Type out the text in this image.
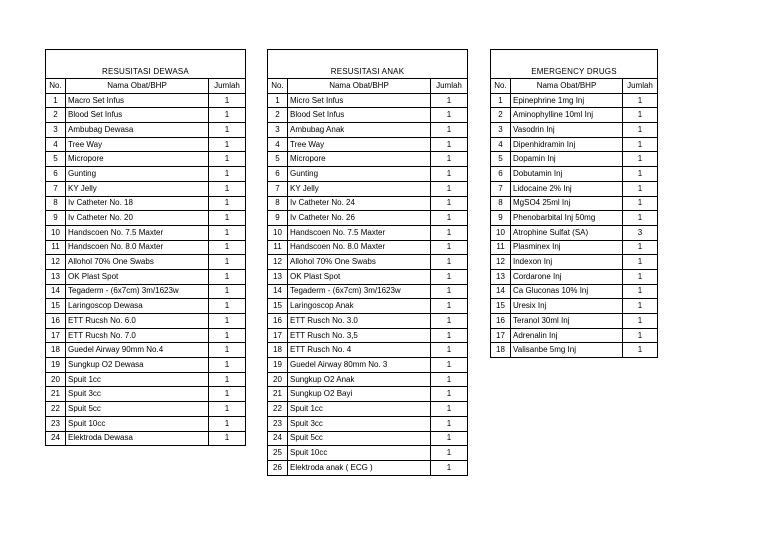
RESUSITASI DEWASA		
No.	Nama Obat/BHP	Jumlah
1	Macro Set Infus	1
2	Blood Set Infus	1
3	Ambubag Dewasa	1
4	Tree Way	1
5	Micropore	1
6	Gunting	1
7	KY Jelly	1
8	Iv Catheter No. 18	1
9	Iv Catheter No. 20	1
10	Handscoen No. 7.5 Maxter	1
11	Handscoen No. 8.0 Maxter	1
12	Allohol 70% One Swabs	1
13	OK Plast Spot	1
14	Tegaderm - (6x7cm) 3m/1623w	1
15	Laringoscop Dewasa	1
16	ETT Rucsh No. 6.0	1
17	ETT Rucsh No. 7.0	1
18	Guedel Airway 90mm No.4	1
19	Sungkup O2 Dewasa	1
20	Spuit 1cc	1
21	Spuit 3cc	1
22	Spuit 5cc	1
23	Spuit 10cc	1
24	Elektroda Dewasa	1
RESUSITASI ANAK		
No.	Nama Obat/BHP	Jumlah
1	Micro Set Infus	1
2	Blood Set Infus	1
3	Ambubag Anak	1
4	Tree Way	1
5	Micropore	1
6	Gunting	1
7	KY Jelly	1
8	Iv Catheter No. 24	1
9	Iv Catheter No. 26	1
10	Handscoen No. 7.5 Maxter	1
11	Handscoen No. 8.0 Maxter	1
12	Allohol 70% One Swabs	1
13	OK Plast Spot	1
14	Tegaderm - (6x7cm) 3m/1623w	1
15	Laringoscop Anak	1
16	ETT Rusch No. 3.0	1
17	ETT Rusch No. 3,5	1
18	ETT Rusch No. 4	1
19	Guedel Airway 80mm No. 3	1
20	Sungkup O2 Anak	1
21	Sungkup O2 Bayi	1
22	Spuit 1cc	1
23	Spuit 3cc	1
24	Spuit 5cc	1
25	Spuit 10cc	1
26	Elektroda anak ( ECG )	1
EMERGENCY DRUGS		
No.	Nama Obat/BHP	Jumlah
1	Epinephrine 1mg Inj	1
2	Aminophylline 10ml Inj	1
3	Vasodrin Inj	1
4	Dipenhidramin Inj	1
5	Dopamin Inj	1
6	Dobutamin Inj	1
7	Lidocaine 2% Inj	1
8	MgSO4 25ml Inj	1
9	Phenobarbital Inj 50mg	1
10	Atrophine Sulfat (SA)	3
11	Plasminex Inj	1
12	Indexon Inj	1
13	Cordarone Inj	1
14	Ca Gluconas 10% Inj	1
15	Uresix Inj	1
16	Teranol 30ml Inj	1
17	Adrenalin Inj	1
18	Valisanbe 5mg Inj	1
